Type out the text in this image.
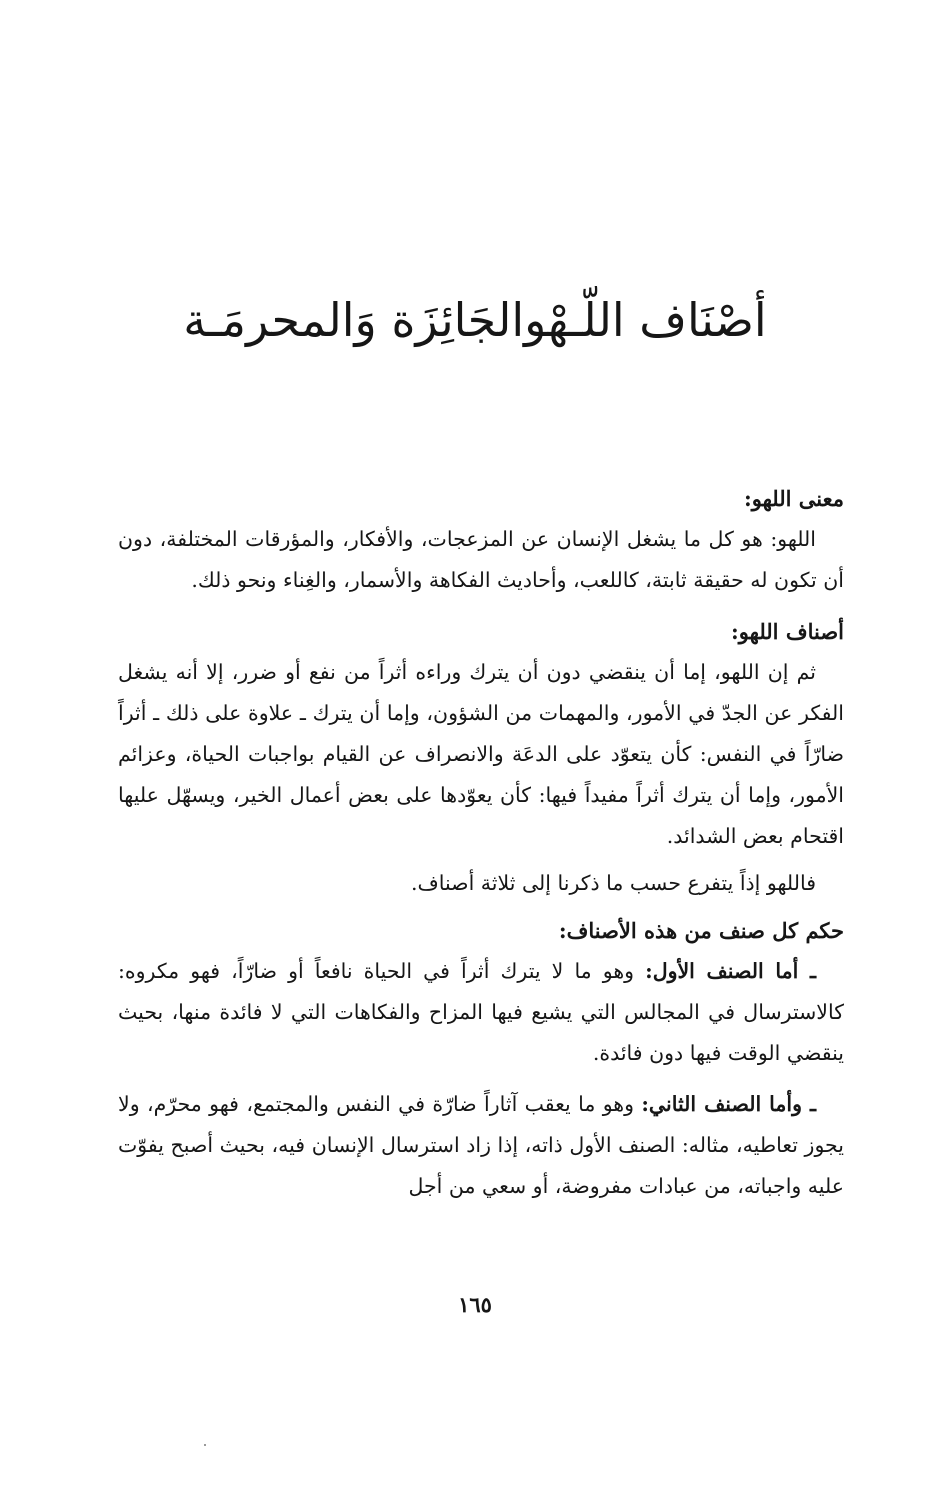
أصْنَاف اللّـهْوالجَائِزَة وَالمحرمَـة

معنى اللهو:

اللهو: هو كل ما يشغل الإنسان عن المزعجات، والأفكار، والمؤرقات المختلفة، دون أن تكون له حقيقة ثابتة، كاللعب، وأحاديث الفكاهة والأسمار، والغِناء ونحو ذلك.

أصناف اللهو:

ثم إن اللهو، إما أن ينقضي دون أن يترك وراءه أثراً من نفع أو ضرر، إلا أنه يشغل الفكر عن الجدّ في الأمور، والمهمات من الشؤون، وإما أن يترك ـ علاوة على ذلك ـ أثراً ضارّاً في النفس: كأن يتعوّد على الدعَة والانصراف عن القيام بواجبات الحياة، وعزائم الأمور، وإما أن يترك أثراً مفيداً فيها: كأن يعوّدها على بعض أعمال الخير، ويسهّل عليها اقتحام بعض الشدائد.

فاللهو إذاً يتفرع حسب ما ذكرنا إلى ثلاثة أصناف.

حكم كل صنف من هذه الأصناف:

ـ أما الصنف الأول: وهو ما لا يترك أثراً في الحياة نافعاً أو ضارّاً، فهو مكروه: كالاسترسال في المجالس التي يشيع فيها المزاح والفكاهات التي لا فائدة منها، بحيث ينقضي الوقت فيها دون فائدة.

ـ وأما الصنف الثاني: وهو ما يعقب آثاراً ضارّة في النفس والمجتمع، فهو محرّم، ولا يجوز تعاطيه، مثاله: الصنف الأول ذاته، إذا زاد استرسال الإنسان فيه، بحيث أصبح يفوّت عليه واجباته، من عبادات مفروضة، أو سعي من أجل

١٦٥
